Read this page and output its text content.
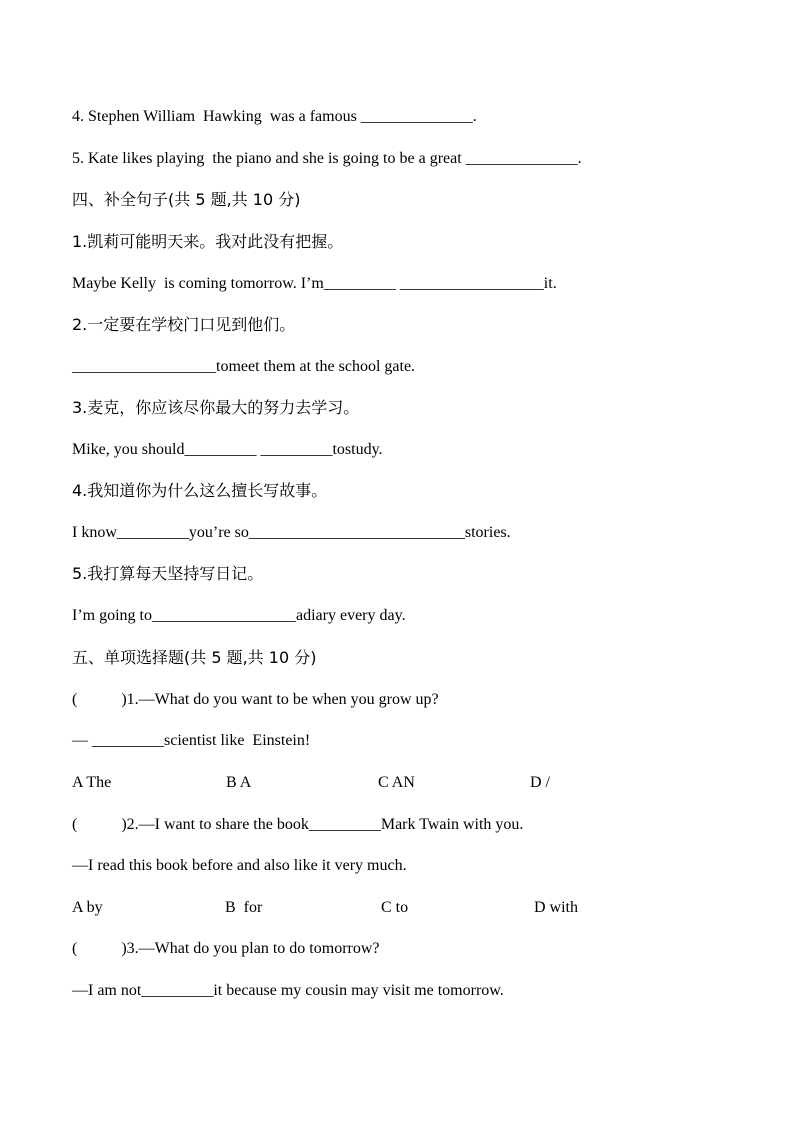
4. Stephen William  Hawking  was a famous ______________.
5. Kate likes playing  the piano and she is going to be a great ______________.
四、补全句子(共 5 题,共 10 分)
1.凯莉可能明天来。我对此没有把握。
Maybe Kelly  is coming tomorrow. I’m_________ __________________it.
2.一定要在学校门口见到他们。
__________________tomeet them at the school gate.
3.麦克，你应该尽你最大的努力去学习。
Mike, you should_________ _________tostudy.
4.我知道你为什么这么擅长写故事。
I know_________you’re so___________________________stories.
5.我打算每天坚持写日记。
I’m going to__________________adiary every day.
五、单项选择题(共 5 题,共 10 分)
(           )1.—What do you want to be when you grow up?
— _________scientist like  Einstein!
A The	B A	C AN	D /
(           )2.—I want to share the book_________Mark Twain with you.
—I read this book before and also like it very much.
A by	B  for	C to	D with
(           )3.—What do you plan to do tomorrow?
—I am not_________it because my cousin may visit me tomorrow.
